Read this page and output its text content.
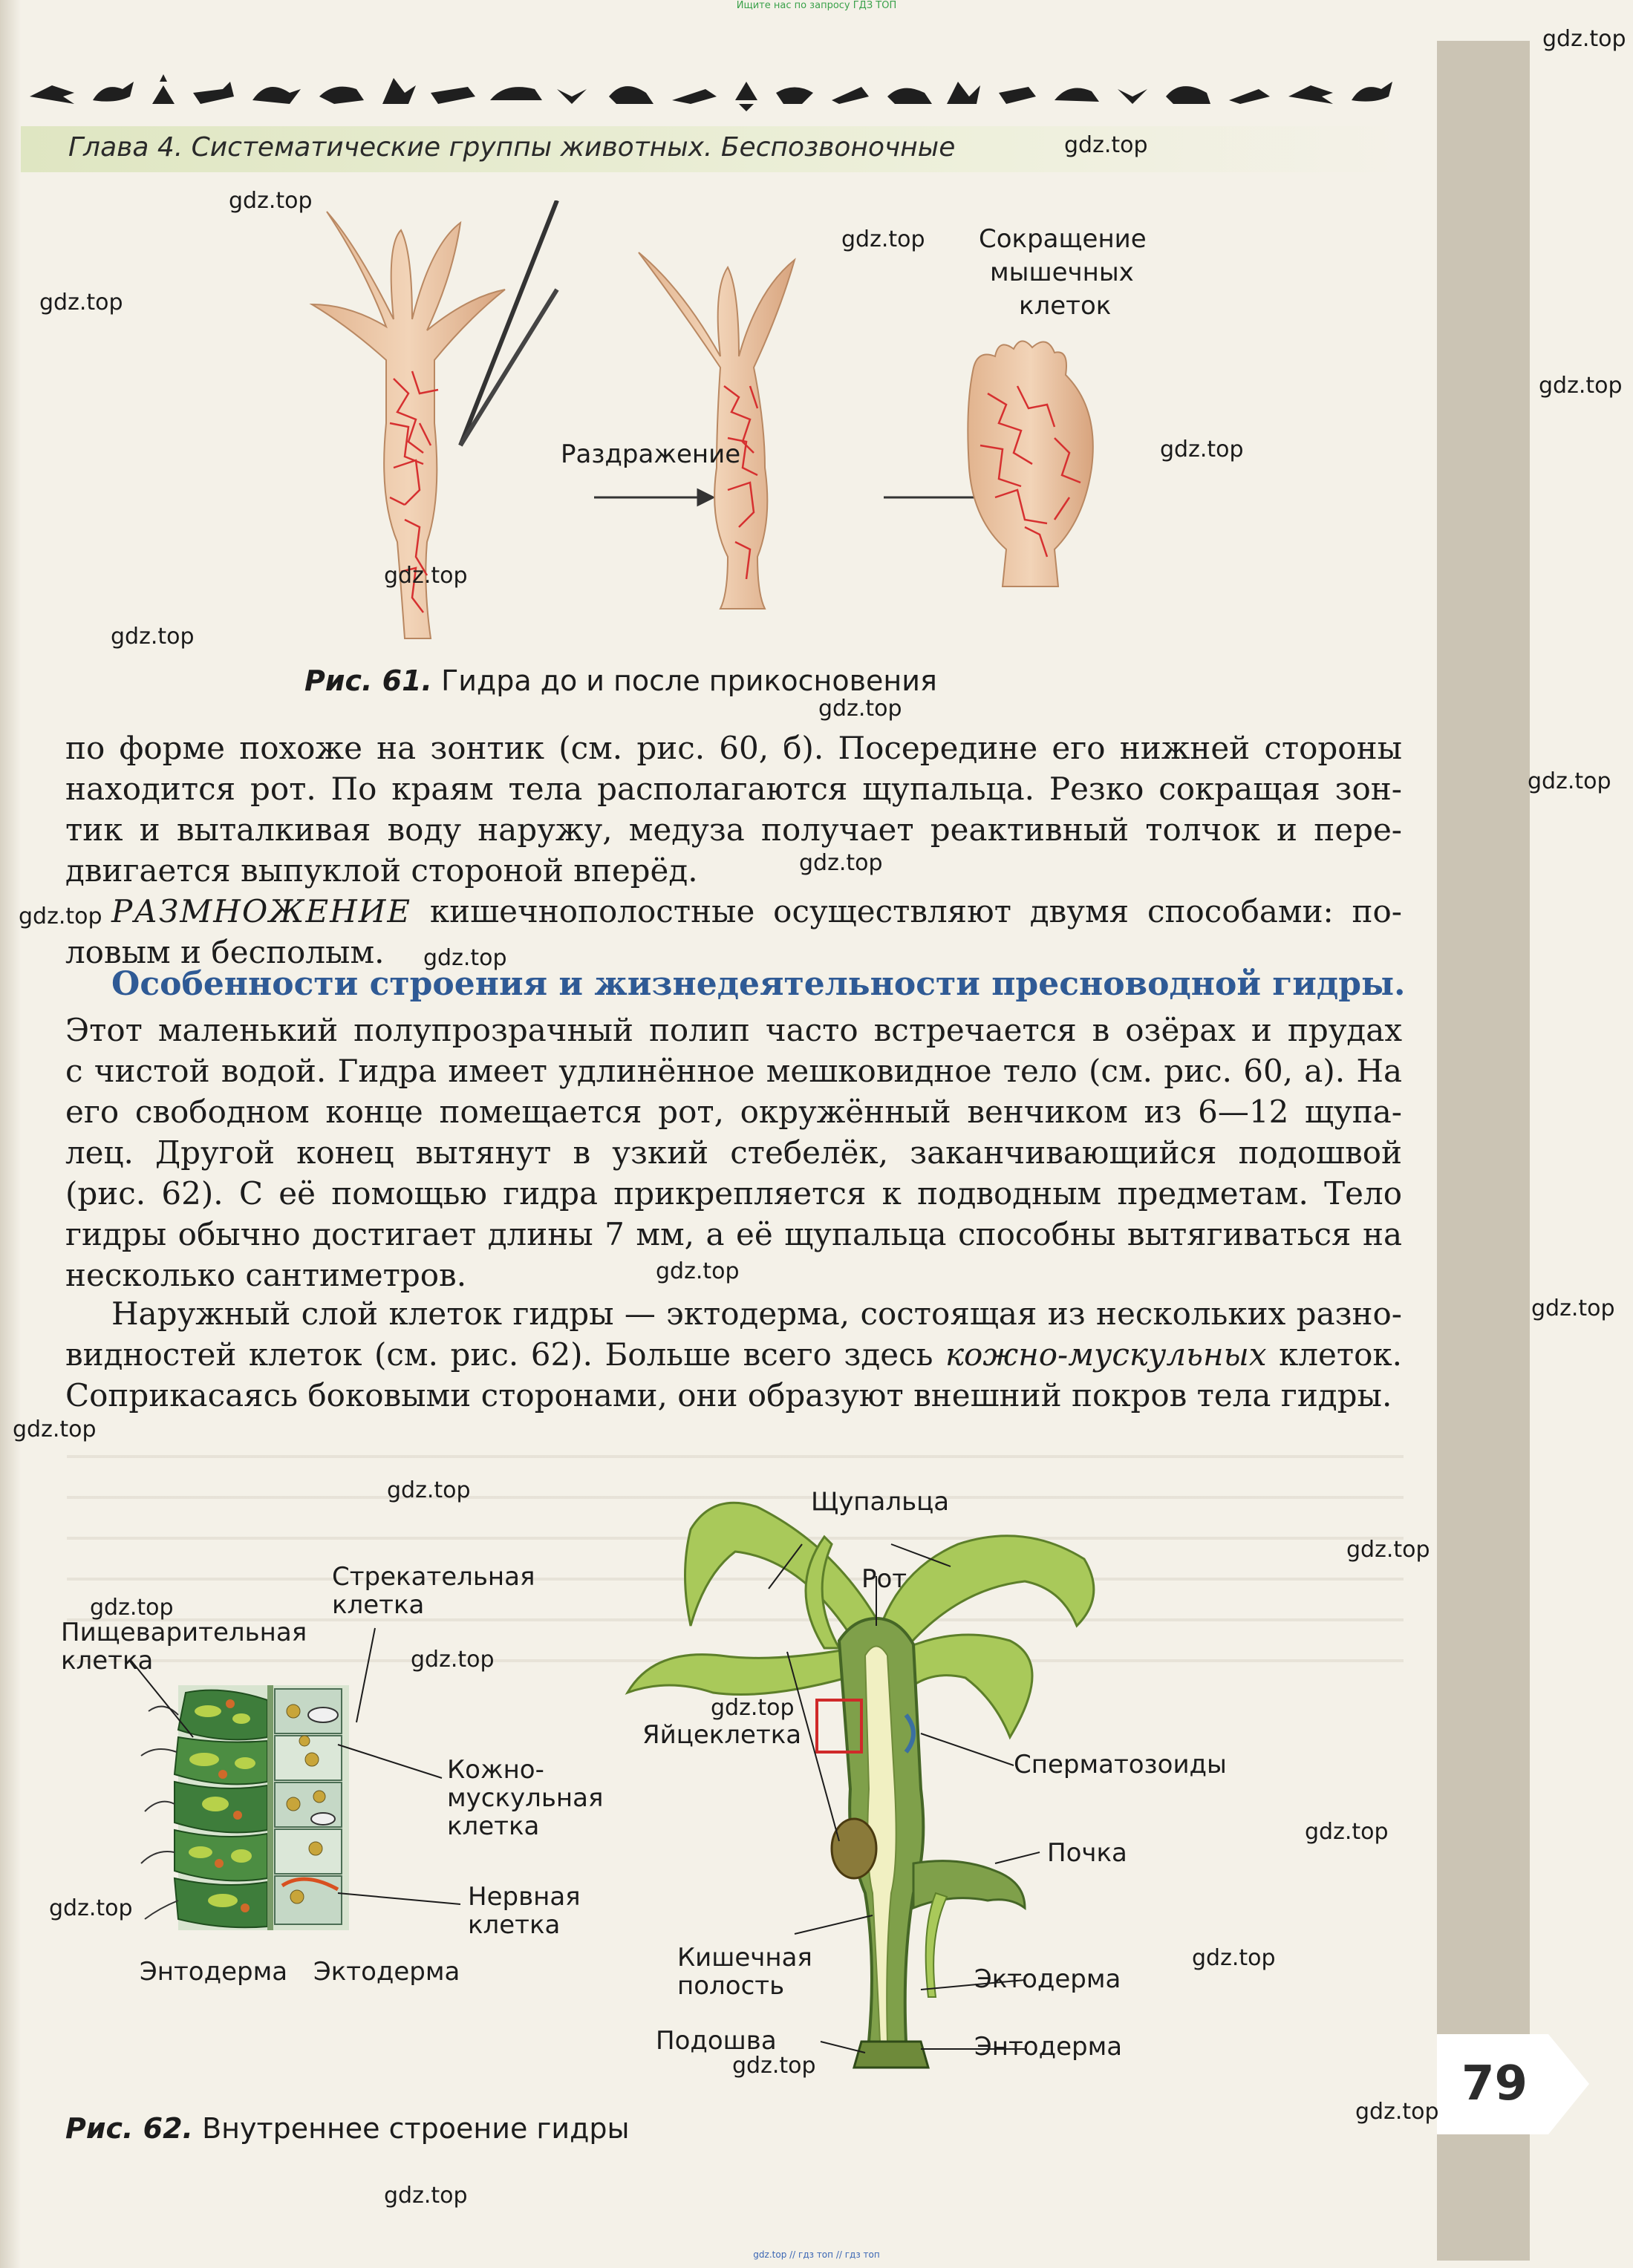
Ищите нас по запросу ГДЗ ТОП
Глава 4. Систематические группы животных. Беспозвоночные
Раздражение
Сокращение
мышечных
клеток
Рис. 61. Гидра до и после прикосновения
по форме похоже на зонтик (см. рис. 60, б). Посередине его нижней стороны
находится рот. По краям тела располагаются щупальца. Резко сокращая зон-
тик и выталкивая воду наружу, медуза получает реактивный толчок и пере-
двигается выпуклой стороной вперёд.
РАЗМНОЖЕНИЕ кишечнополостные осуществляют двумя способами: по-
ловым и бесполым.
Особенности строения и жизнедеятельности пресноводной гидры.
Этот маленький полупрозрачный полип часто встречается в озёрах и прудах
с чистой водой. Гидра имеет удлинённое мешковидное тело (см. рис. 60, а). На
его свободном конце помещается рот, окружённый венчиком из 6—12 щупа-
лец. Другой конец вытянут в узкий стебелёк, заканчивающийся подошвой
(рис. 62). С её помощью гидра прикрепляется к подводным предметам. Тело
гидры обычно достигает длины 7 мм, а её щупальца способны вытягиваться на
несколько сантиметров.
Наружный слой клеток гидры — эктодерма, состоящая из нескольких разно-
видностей клеток (см. рис. 62). Больше всего здесь кожно-мускульных клеток.
Соприкасаясь боковыми сторонами, они образуют внешний покров тела гидры.
Стрекательная
клетка
Пищеварительная
клетка
Кожно-
мускульная
клетка
Нервная
клетка
Энтодерма Эктодерма
Щупальца
Рот
Яйцеклетка
Сперматозоиды
Почка
Кишечная
полость	Эктодерма
Подошва	Энтодерма
Рис. 62. Внутреннее строение гидры
79
gdz.top
gdz.top
gdz.top
gdz.top
gdz.top
gdz.top
gdz.top
gdz.top
gdz.top
gdz.top
gdz.top
gdz.top
gdz.top
gdz.top
gdz.top
gdz.top
gdz.top
gdz.top
gdz.top
gdz.top
gdz.top
gdz.top
gdz.top
gdz.top
gdz.top
gdz.top
gdz.top
gdz.top
gdz.top // гдз топ // гдз топ
